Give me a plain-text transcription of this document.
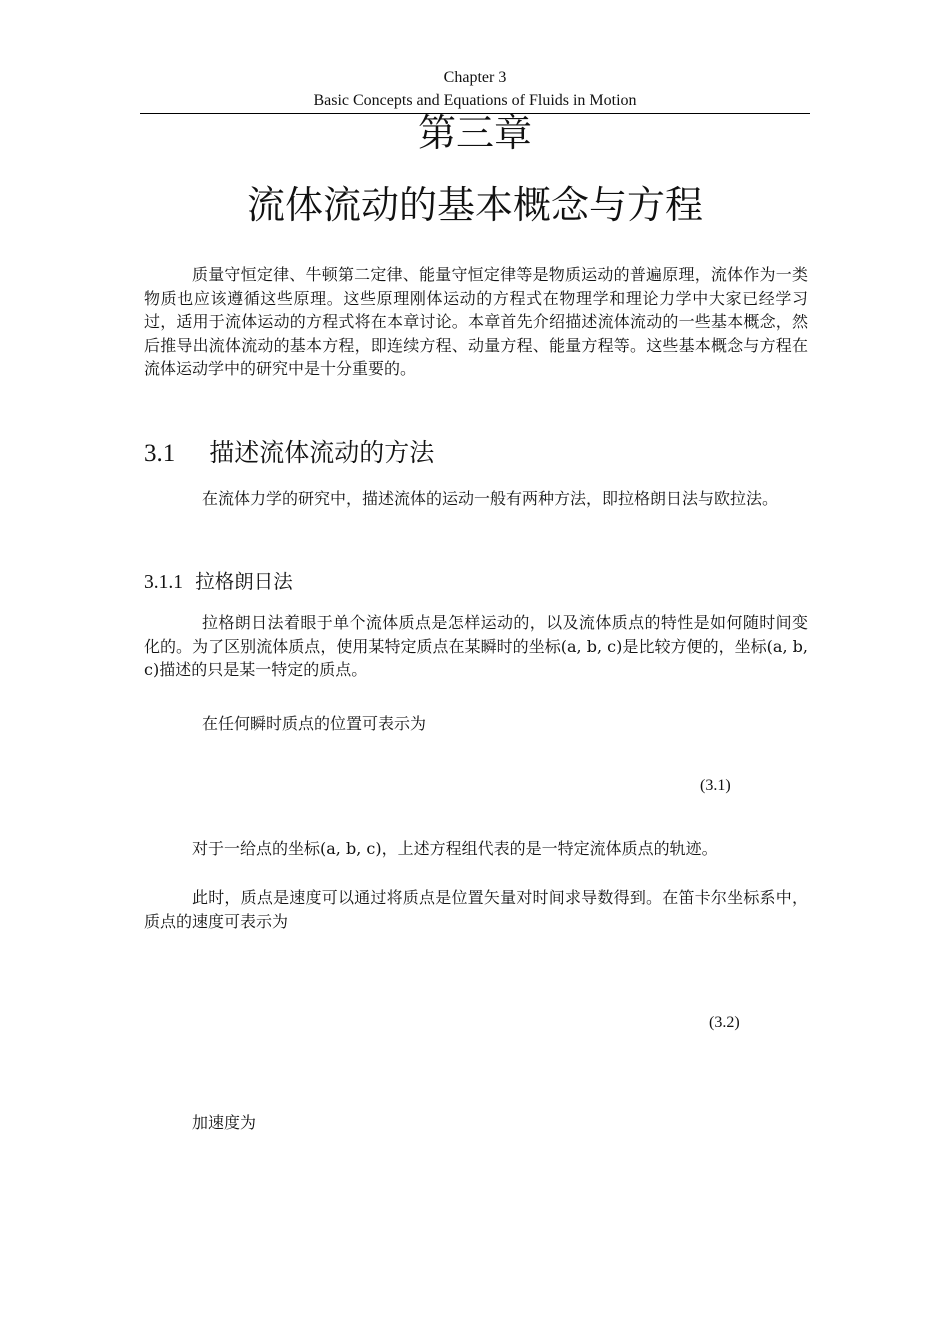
Chapter 3
Basic Concepts and Equations of Fluids in Motion
第三章
流体流动的基本概念与方程

质量守恒定律、牛顿第二定律、能量守恒定律等是物质运动的普遍原理，流体作为一类物质也应该遵循这些原理。这些原理刚体运动的方程式在物理学和理论力学中大家已经学习过，适用于流体运动的方程式将在本章讨论。本章首先介绍描述流体流动的一些基本概念，然后推导出流体流动的基本方程，即连续方程、动量方程、能量方程等。这些基本概念与方程在流体运动学中的研究中是十分重要的。

3.1 描述流体流动的方法

在流体力学的研究中，描述流体的运动一般有两种方法，即拉格朗日法与欧拉法。

3.1.1 拉格朗日法

拉格朗日法着眼于单个流体质点是怎样运动的，以及流体质点的特性是如何随时间变化的。为了区别流体质点，使用某特定质点在某瞬时的坐标(a, b, c)是比较方便的，坐标(a, b, c)描述的只是某一特定的质点。

在任何瞬时质点的位置可表示为

(3.1)

对于一给点的坐标(a, b, c)，上述方程组代表的是一特定流体质点的轨迹。

此时，质点是速度可以通过将质点是位置矢量对时间求导数得到。在笛卡尔坐标系中，质点的速度可表示为

(3.2)

加速度为
